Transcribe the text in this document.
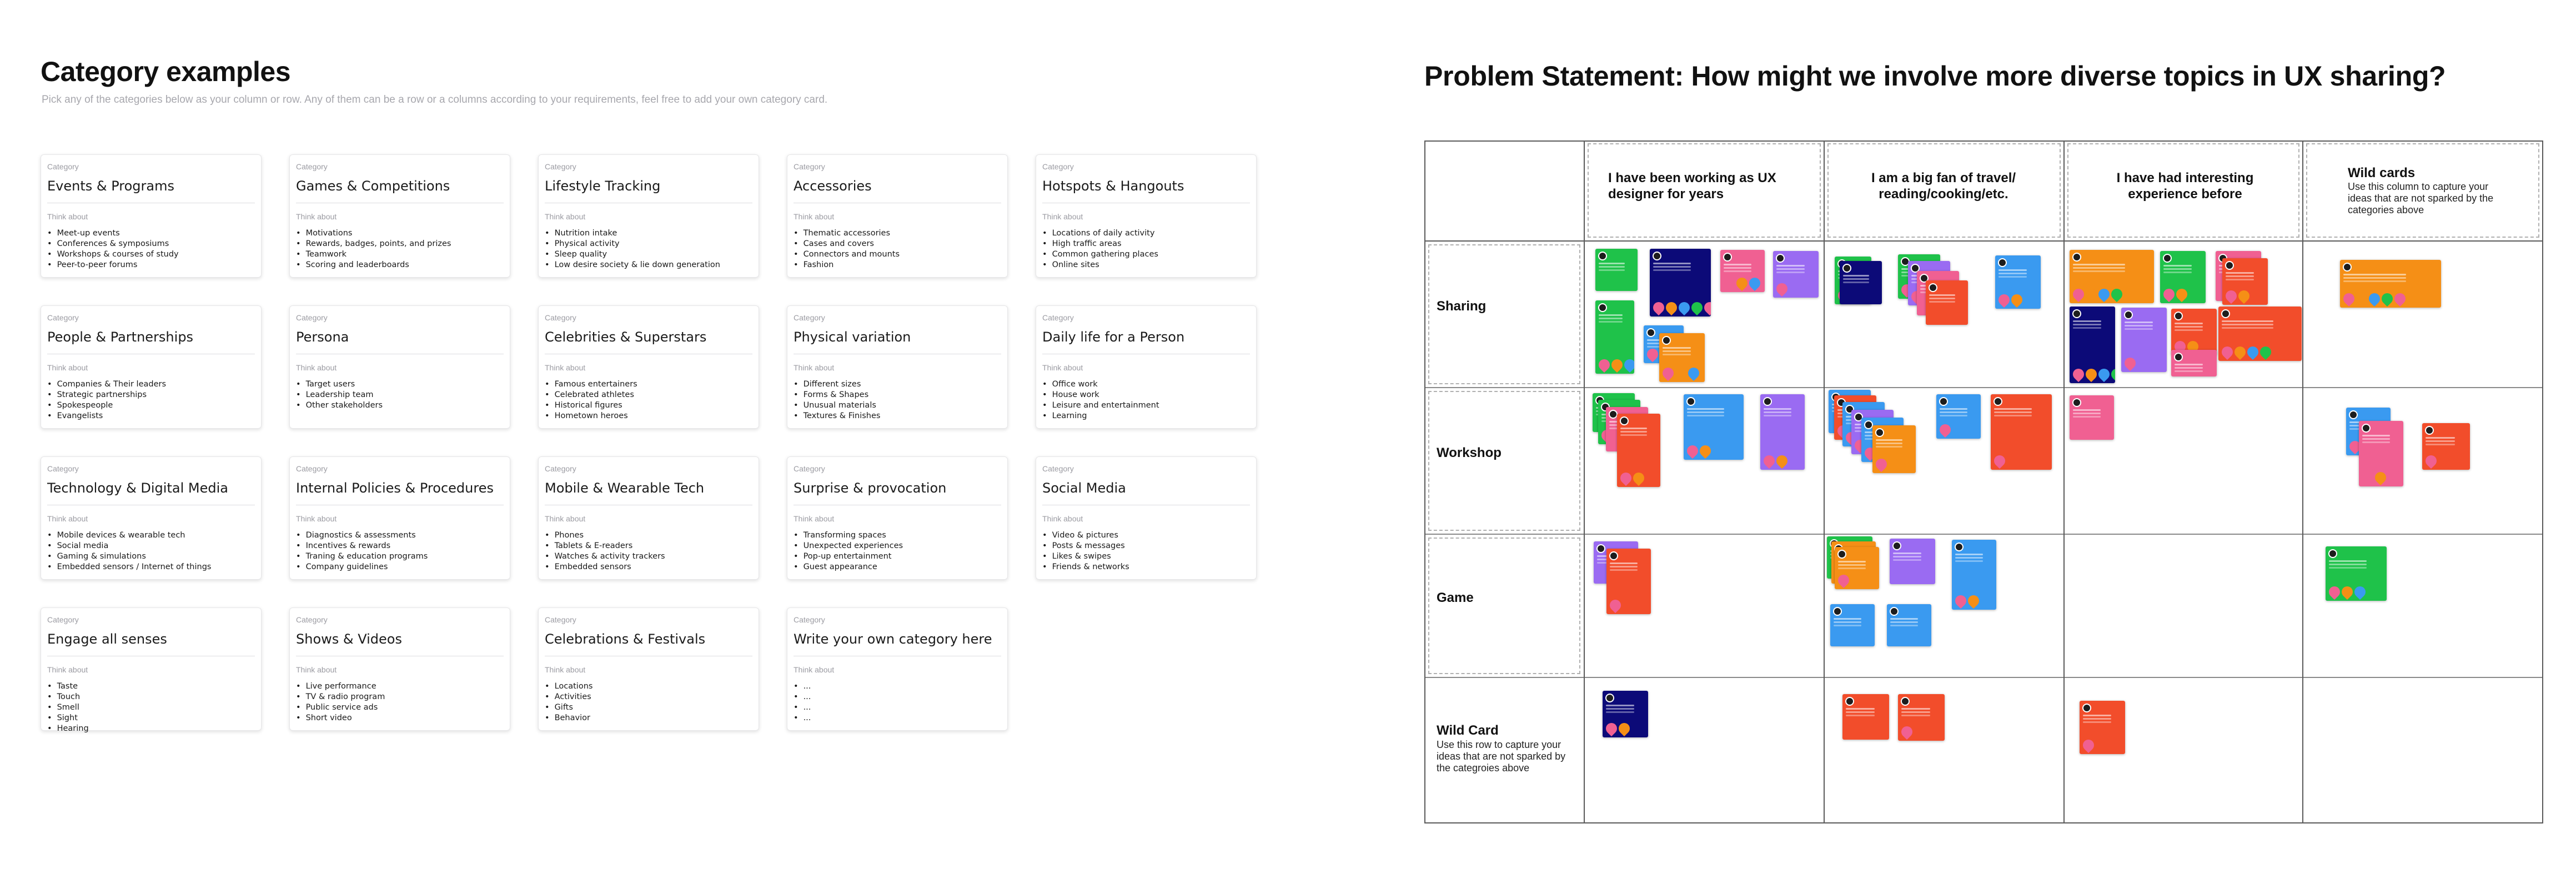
Category examples
Pick any of the categories below as your column or row. Any of them can be a row or a columns according to your requirements, feel free to add your own category card.
Category
Events & Programs
Think about
• Meet-up events
• Conferences & symposiums
• Workshops & courses of study
• Peer-to-peer forums
Category
Games & Competitions
Think about
• Motivations
• Rewards, badges, points, and prizes
• Teamwork
• Scoring and leaderboards
Category
Lifestyle Tracking
Think about
• Nutrition intake
• Physical activity
• Sleep quality
• Low desire society & lie down generation
Category
Accessories
Think about
• Thematic accessories
• Cases and covers
• Connectors and mounts
• Fashion
Category
Hotspots & Hangouts
Think about
• Locations of daily activity
• High traffic areas
• Common gathering places
• Online sites
Category
People & Partnerships
Think about
• Companies & Their leaders
• Strategic partnerships
• Spokespeople
• Evangelists
Category
Persona
Think about
• Target users
• Leadership team
• Other stakeholders
Category
Celebrities & Superstars
Think about
• Famous entertainers
• Celebrated athletes
• Historical figures
• Hometown heroes
Category
Physical variation
Think about
• Different sizes
• Forms & Shapes
• Unusual materials
• Textures & Finishes
Category
Daily life for a Person
Think about
• Office work
• House work
• Leisure and entertainment
• Learning
Category
Technology & Digital Media
Think about
• Mobile devices & wearable tech
• Social media
• Gaming & simulations
• Embedded sensors / Internet of things
Category
Internal Policies & Procedures
Think about
• Diagnostics & assessments
• Incentives & rewards
• Traning & education programs
• Company guidelines
Category
Mobile & Wearable Tech
Think about
• Phones
• Tablets & E-readers
• Watches & activity trackers
• Embedded sensors
Category
Surprise & provocation
Think about
• Transforming spaces
• Unexpected experiences
• Pop-up entertainment
• Guest appearance
Category
Social Media
Think about
• Video & pictures
• Posts & messages
• Likes & swipes
• Friends & networks
Category
Engage all senses
Think about
• Taste
• Touch
• Smell
• Sight
• Hearing
Category
Shows & Videos
Think about
• Live performance
• TV & radio program
• Public service ads
• Short video
Category
Celebrations & Festivals
Think about
• Locations
• Activities
• Gifts
• Behavior
Category
Write your own category here
Think about
• ...
• ...
• ...
• ...
Problem Statement: How might we involve more diverse topics in UX sharing?
I have been working as UX designer for years
I am a big fan of travel/ reading/cooking/etc.
I have had interesting experience before
Wild cards
Use this column to capture your ideas that are not sparked by the categories above
Sharing
Workshop
Game
Wild Card
Use this row to capture your ideas that are not sparked by the categroies above
